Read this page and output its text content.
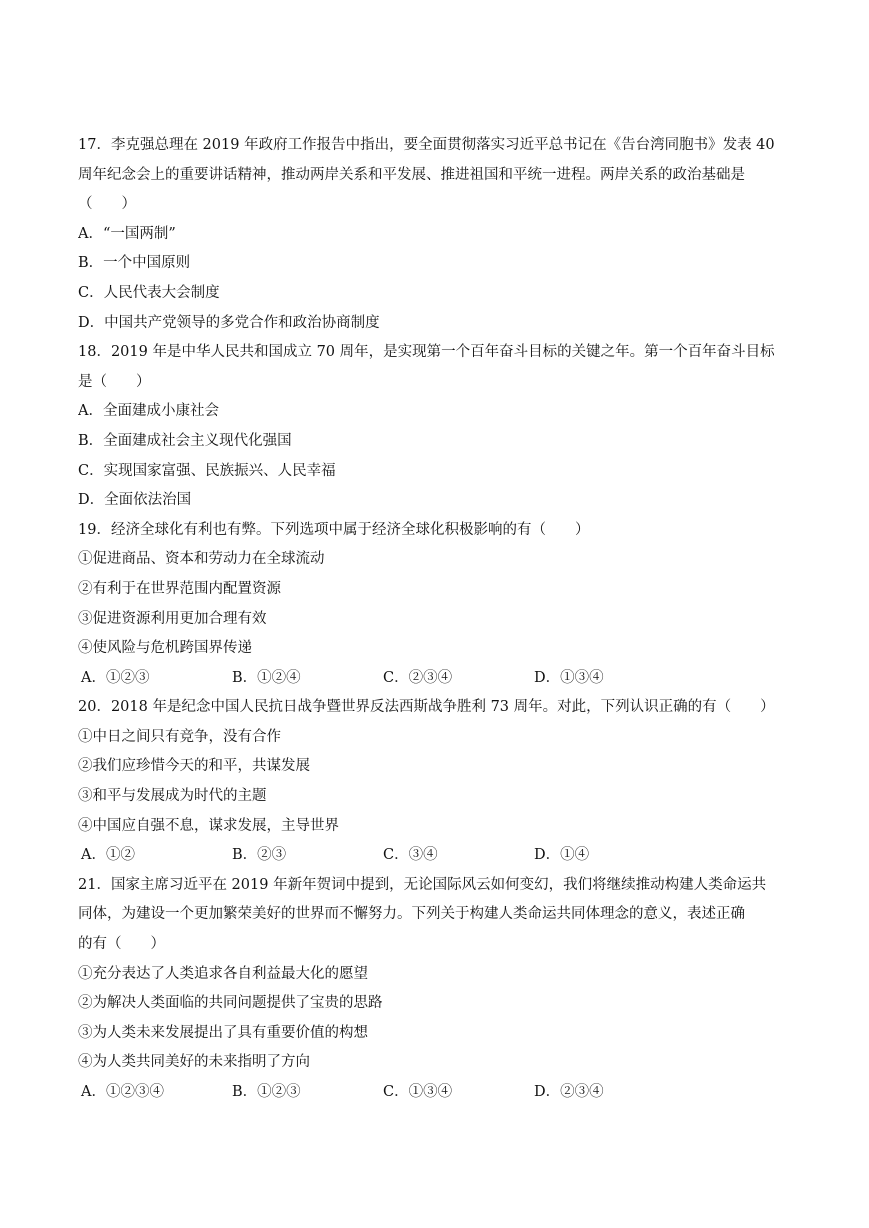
17．李克强总理在 2019 年政府工作报告中指出，要全面贯彻落实习近平总书记在《告台湾同胞书》发表 40
周年纪念会上的重要讲话精神，推动两岸关系和平发展、推进祖国和平统一进程。两岸关系的政治基础是
（　　）
A．“一国两制”
B．一个中国原则
C．人民代表大会制度
D．中国共产党领导的多党合作和政治协商制度
18．2019 年是中华人民共和国成立 70 周年，是实现第一个百年奋斗目标的关键之年。第一个百年奋斗目标
是（　　）
A．全面建成小康社会
B．全面建成社会主义现代化强国
C．实现国家富强、民族振兴、人民幸福
D．全面依法治国
19．经济全球化有利也有弊。下列选项中属于经济全球化积极影响的有（　　）
①促进商品、资本和劳动力在全球流动
②有利于在世界范围内配置资源
③促进资源利用更加合理有效
④使风险与危机跨国界传递
A．①②③	B．①②④	C．②③④	D．①③④
20．2018 年是纪念中国人民抗日战争暨世界反法西斯战争胜利 73 周年。对此，下列认识正确的有（　　）
①中日之间只有竞争，没有合作
②我们应珍惜今天的和平，共谋发展
③和平与发展成为时代的主题
④中国应自强不息，谋求发展，主导世界
A．①②	B．②③	C．③④	D．①④
21．国家主席习近平在 2019 年新年贺词中提到，无论国际风云如何变幻，我们将继续推动构建人类命运共
同体，为建设一个更加繁荣美好的世界而不懈努力。下列关于构建人类命运共同体理念的意义，表述正确
的有（　　）
①充分表达了人类追求各自利益最大化的愿望
②为解决人类面临的共同问题提供了宝贵的思路
③为人类未来发展提出了具有重要价值的构想
④为人类共同美好的未来指明了方向
A．①②③④	B．①②③	C．①③④	D．②③④
